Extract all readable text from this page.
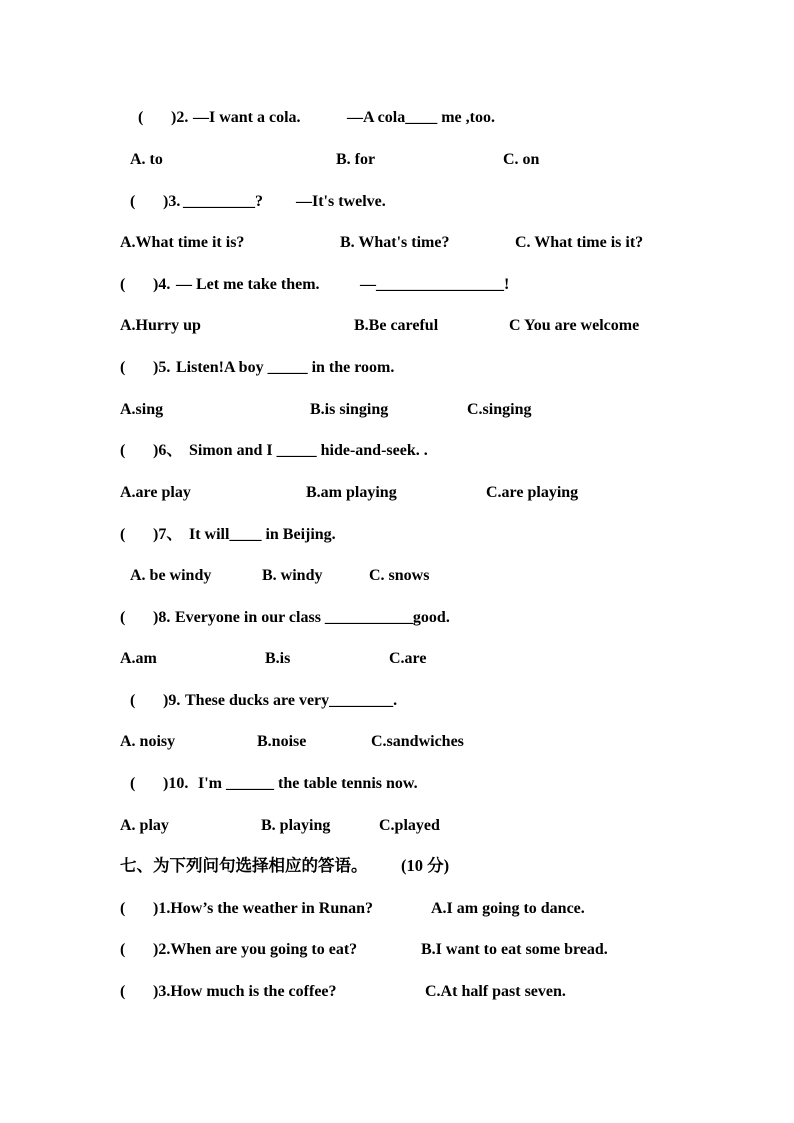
(

)2.

—I want a cola.

	—A cola____ me ,too.

A. to

	B. for

	C. on

(

)3.

_________?

—It's twelve.

A.What time it is?

	B. What's time?

	C. What time is it?

(

)4.

— Let me take them.

	—________________!

A.Hurry up

	B.Be careful

	C You are welcome

(

)5.

Listen!A boy _____ in the room.

A.sing

	B.is singing

	C.singing

(

)6、

Simon and I _____ hide-and-seek. .

A.are play

	B.am playing

	C.are playing

(

)7、

It will____ in Beijing.

A. be windy

	B. windy

	C. snows

(

)8.

Everyone in our class ___________good.

A.am

	B.is

	C.are

(

)9.

These ducks are very________.

A. noisy

	B.noise

	C.sandwiches

(

)10.

I'm ______ the table tennis now.

A. play

	B. playing

	C.played

七、为下列问句选择相应的答语。

(10 分)

(

)1.How’s the weather in Runan?

	A.I am going to dance.

(

)2.When are you going to eat?

	B.I want to eat some bread.

(

)3.How much is the coffee?

	C.At half past seven.
